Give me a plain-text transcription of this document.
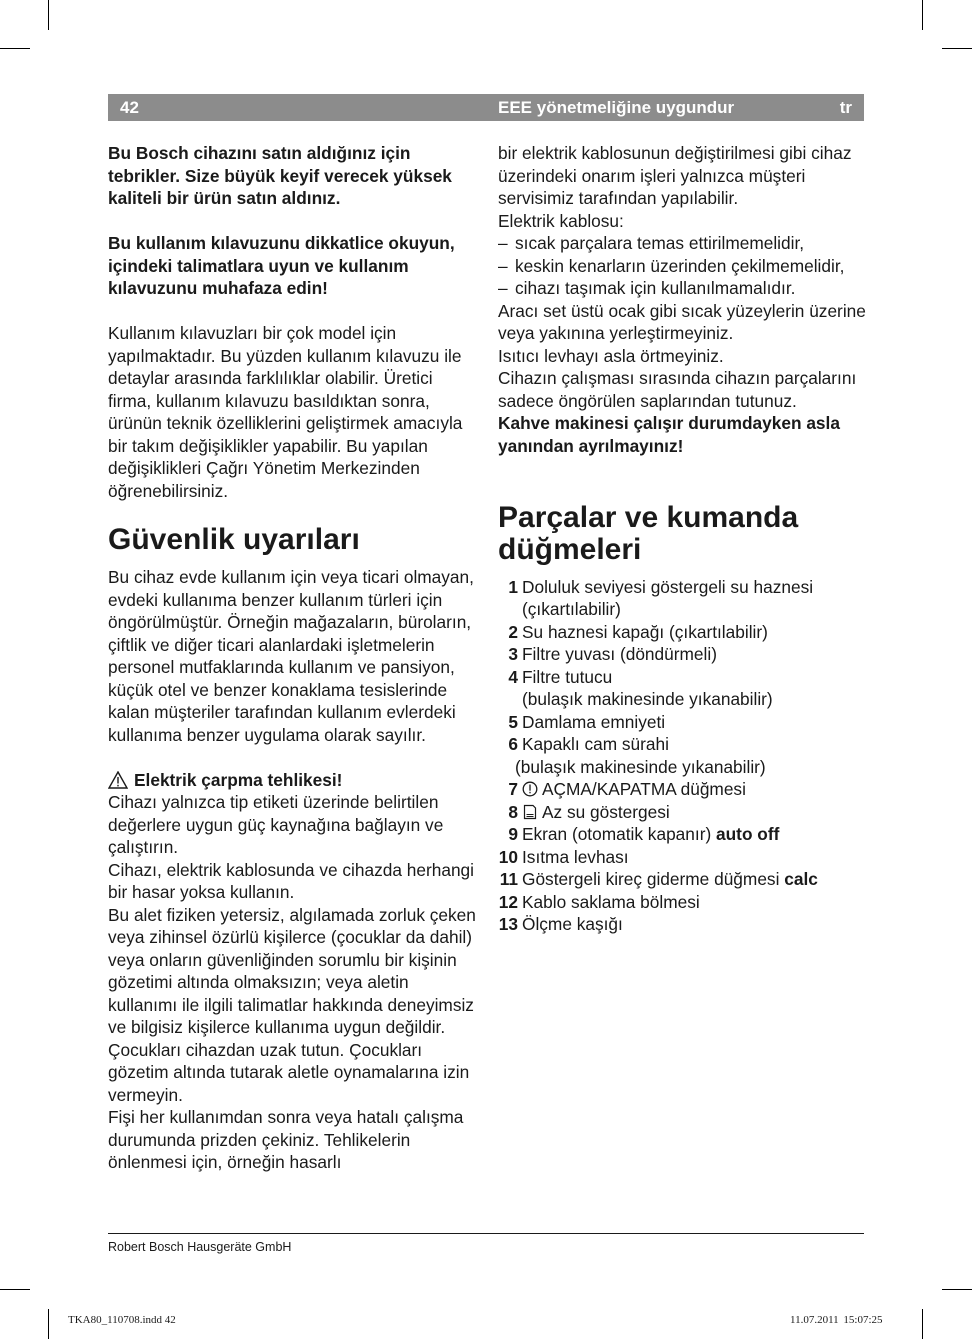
42	EEE yönetmeliğine uygundur	tr

Bu Bosch cihazını satın aldığınız için tebrikler. Size büyük keyif verecek yüksek kaliteli bir ürün satın aldınız.

Bu kullanım kılavuzunu dikkatlice okuyun, içindeki talimatlara uyun ve kullanım kılavuzunu muhafaza edin!

Kullanım kılavuzları bir çok model için yapılmaktadır. Bu yüzden kullanım kılavuzu ile detaylar arasında farklılıklar olabilir. Üretici firma, kullanım kılavuzu basıldıktan sonra, ürünün teknik özelliklerini geliştirmek amacıyla bir takım değişiklikler yapabilir. Bu yapılan değişiklikleri Çağrı Yönetim Merkezinden öğrenebilirsiniz.

Güvenlik uyarıları

Bu cihaz evde kullanım için veya ticari olmayan, evdeki kullanıma benzer kullanım türleri için öngörülmüştür. Örneğin mağazaların, büroların, çiftlik ve diğer ticari alanlardaki işletmelerin personel mutfaklarında kullanım ve pansiyon, küçük otel ve benzer konaklama tesislerinde kalan müşteriler tarafından kullanım evlerdeki kullanıma benzer uygulama olarak sayılır.

Elektrik çarpma tehlikesi!

Cihazı yalnızca tip etiketi üzerinde belirtilen değerlere uygun güç kaynağına bağlayın ve çalıştırın.

Cihazı, elektrik kablosunda ve cihazda herhangi bir hasar yoksa kullanın.

Bu alet fiziken yetersiz, algılamada zorluk çeken veya zihinsel özürlü kişilerce (çocuklar da dahil) veya onların güvenliğinden sorumlu bir kişinin gözetimi altında olmaksızın; veya aletin kullanımı ile ilgili talimatlar hakkında deneyimsiz ve bilgisiz kişilerce kullanıma uygun değildir. Çocukları cihazdan uzak tutun. Çocukları gözetim altında tutarak aletle oynamalarına izin vermeyin.

Fişi her kullanımdan sonra veya hatalı çalışma durumunda prizden çekiniz. Tehlikelerin önlenmesi için, örneğin hasarlı

bir elektrik kablosunun değiştirilmesi gibi cihaz üzerindeki onarım işleri yalnızca müşteri servisimiz tarafından yapılabilir.

Elektrik kablosu:

– sıcak parçalara temas ettirilmemelidir,
– keskin kenarların üzerinden çekilmemelidir,
– cihazı taşımak için kullanılmamalıdır.

Aracı set üstü ocak gibi sıcak yüzeylerin üzerine veya yakınına yerleştirmeyiniz.

Isıtıcı levhayı asla örtmeyiniz.

Cihazın çalışması sırasında cihazın parçalarını sadece öngörülen saplarından tutunuz.

Kahve makinesi çalışır durumdayken asla yanından ayrılmayınız!

Parçalar ve kumanda düğmeleri
1 Doluluk seviyesi göstergeli su haznesi
(çıkartılabilir)
2 Su haznesi kapağı (çıkartılabilir)
3 Filtre yuvası (döndürmeli)
4 Filtre tutucu
(bulaşık makinesinde yıkanabilir)
5 Damlama emniyeti
6 Kapaklı cam sürahi
(bulaşık makinesinde yıkanabilir)
7	AÇMA/KAPATMA düğmesi
8	Az su göstergesi
9 Ekran (otomatik kapanır) auto off
10 Isıtma levhası
11 Göstergeli kireç giderme düğmesi calc
12 Kablo saklama bölmesi
13 Ölçme kaşığı
Robert Bosch Hausgeräte GmbH
TKA80_110708.indd 42	11.07.2011 15:07:25
